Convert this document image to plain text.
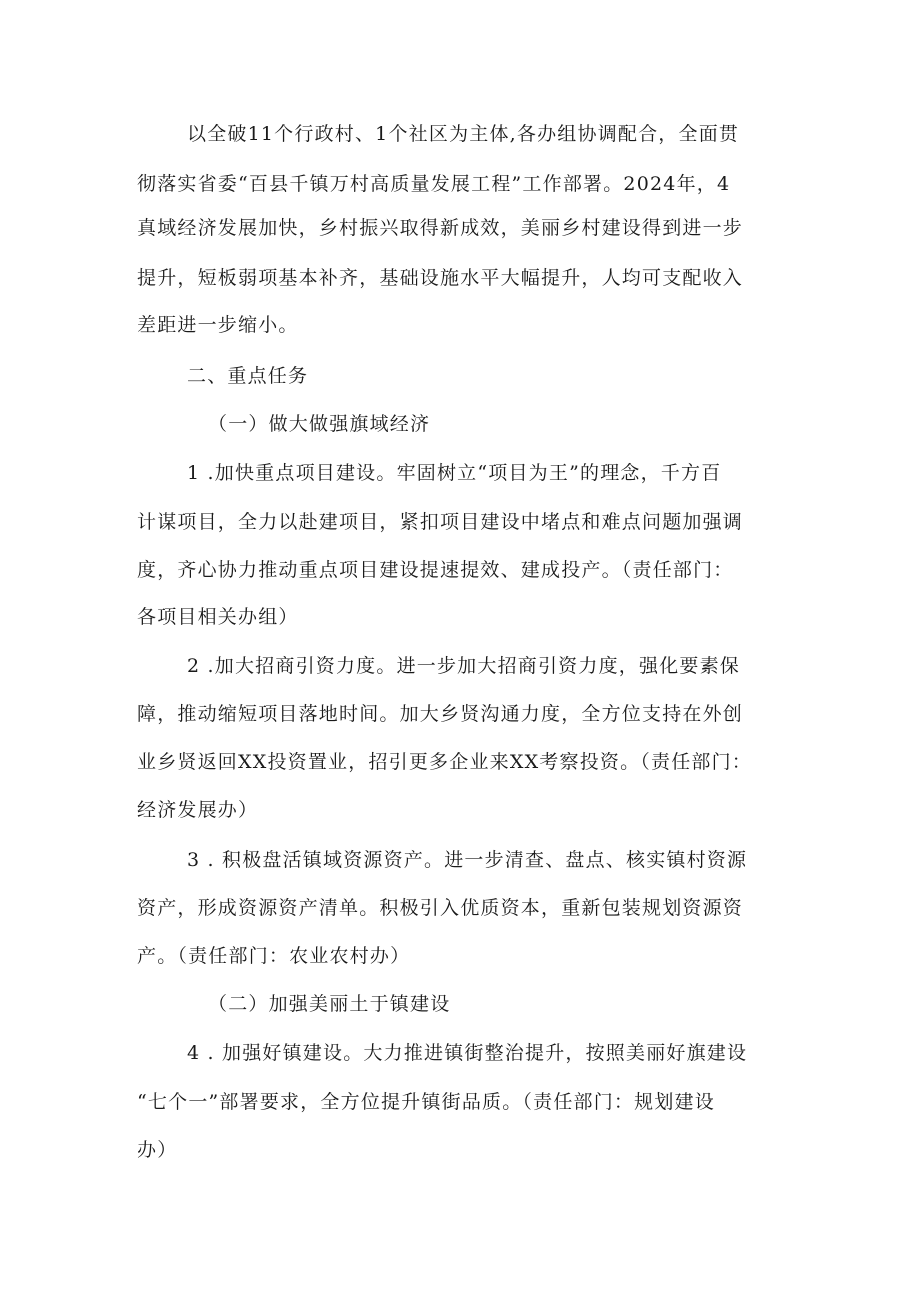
以全破11个行政村、1个社区为主体,各办组协调配合，全面贯

彻落实省委“百县千镇万村高质量发展工程”工作部署。2024年，4

真域经济发展加快，乡村振兴取得新成效，美丽乡村建设得到进一步

提升，短板弱项基本补齐，基础设施水平大幅提升，人均可支配收入

差距进一步缩小。

二、重点任务

（一）做大做强旗域经济

1 .加快重点项目建设。牢固树立“项目为王”的理念，千方百

计谋项目，全力以赴建项目，紧扣项目建设中堵点和难点问题加强调

度，齐心协力推动重点项目建设提速提效、建成投产。（责任部门：

各项目相关办组）

2 .加大招商引资力度。进一步加大招商引资力度，强化要素保

障，推动缩短项目落地时间。加大乡贤沟通力度，全方位支持在外创

业乡贤返回XX投资置业，招引更多企业来XX考察投资。（责任部门：

经济发展办）

3 . 积极盘活镇域资源资产。进一步清查、盘点、核实镇村资源

资产，形成资源资产清单。积极引入优质资本，重新包装规划资源资

产。（责任部门：农业农村办）

（二）加强美丽土于镇建设

4 . 加强好镇建设。大力推进镇街整治提升，按照美丽好旗建设

“七个一”部署要求，全方位提升镇街品质。（责任部门：规划建设

办）
